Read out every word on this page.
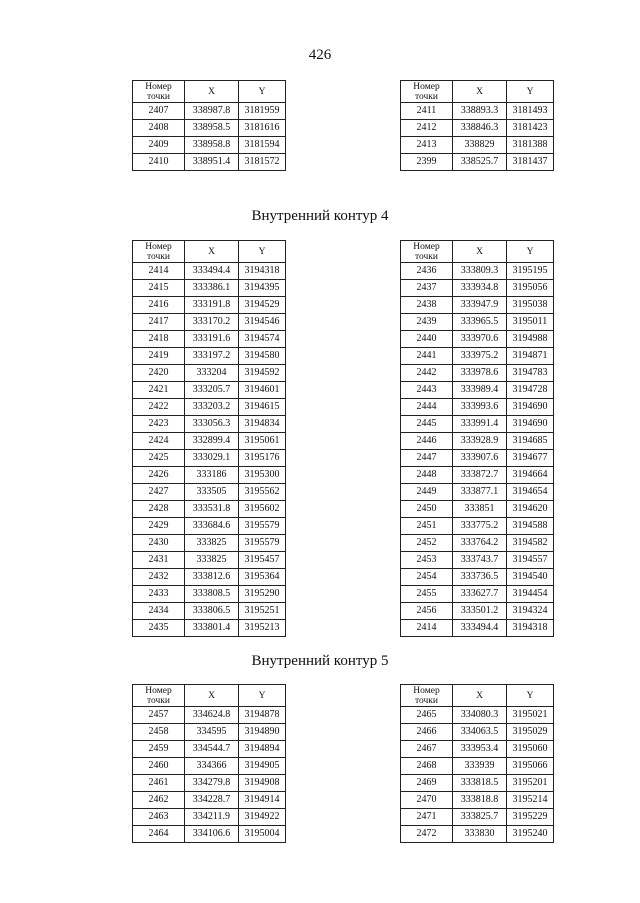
426
Номер точки	X	Y
2407	338987.8	3181959
2408	338958.5	3181616
2409	338958.8	3181594
2410	338951.4	3181572
Номер точки	X	Y
2411	338893.3	3181493
2412	338846.3	3181423
2413	338829	3181388
2399	338525.7	3181437
Внутренний контур 4
Номер точки	X	Y
2414	333494.4	3194318
2415	333386.1	3194395
2416	333191.8	3194529
2417	333170.2	3194546
2418	333191.6	3194574
2419	333197.2	3194580
2420	333204	3194592
2421	333205.7	3194601
2422	333203.2	3194615
2423	333056.3	3194834
2424	332899.4	3195061
2425	333029.1	3195176
2426	333186	3195300
2427	333505	3195562
2428	333531.8	3195602
2429	333684.6	3195579
2430	333825	3195579
2431	333825	3195457
2432	333812.6	3195364
2433	333808.5	3195290
2434	333806.5	3195251
2435	333801.4	3195213
Номер точки	X	Y
2436	333809.3	3195195
2437	333934.8	3195056
2438	333947.9	3195038
2439	333965.5	3195011
2440	333970.6	3194988
2441	333975.2	3194871
2442	333978.6	3194783
2443	333989.4	3194728
2444	333993.6	3194690
2445	333991.4	3194690
2446	333928.9	3194685
2447	333907.6	3194677
2448	333872.7	3194664
2449	333877.1	3194654
2450	333851	3194620
2451	333775.2	3194588
2452	333764.2	3194582
2453	333743.7	3194557
2454	333736.5	3194540
2455	333627.7	3194454
2456	333501.2	3194324
2414	333494.4	3194318
Внутренний контур 5
Номер точки	X	Y
2457	334624.8	3194878
2458	334595	3194890
2459	334544.7	3194894
2460	334366	3194905
2461	334279.8	3194908
2462	334228.7	3194914
2463	334211.9	3194922
2464	334106.6	3195004
Номер точки	X	Y
2465	334080.3	3195021
2466	334063.5	3195029
2467	333953.4	3195060
2468	333939	3195066
2469	333818.5	3195201
2470	333818.8	3195214
2471	333825.7	3195229
2472	333830	3195240
